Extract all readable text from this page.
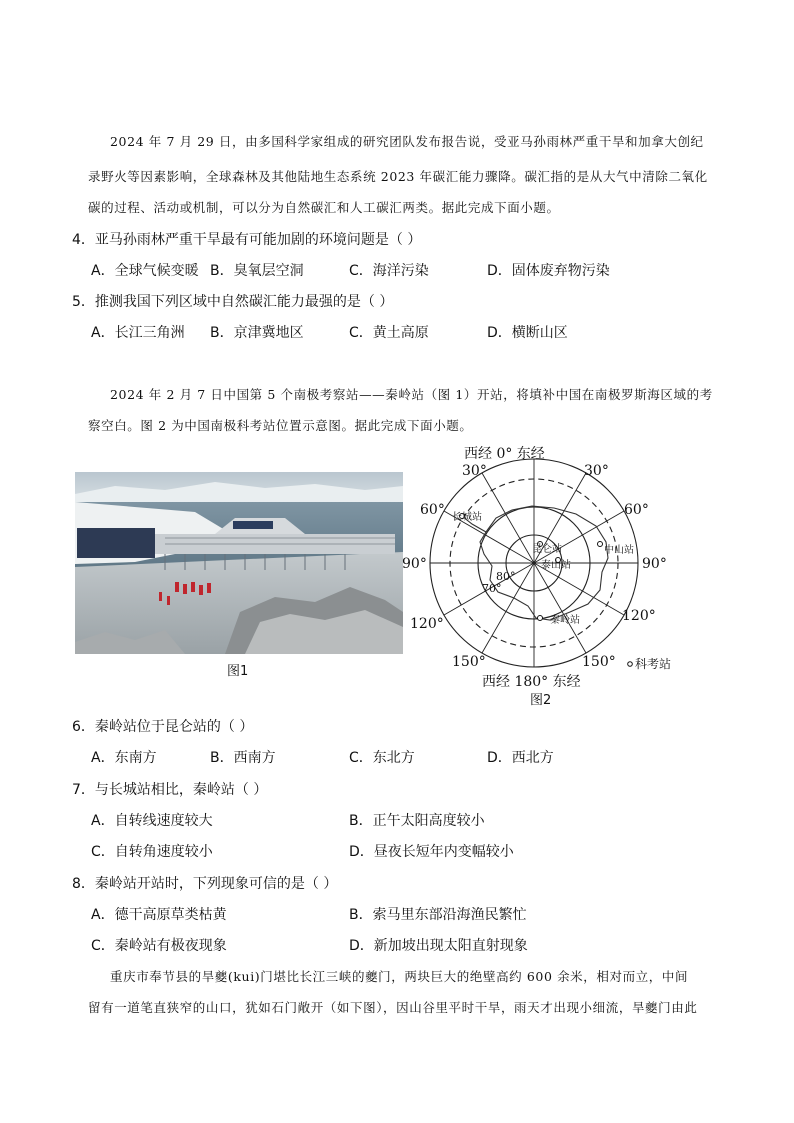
2024 年 7 月 29 日，由多国科学家组成的研究团队发布报告说，受亚马孙雨林严重干旱和加拿大创纪
录野火等因素影响，全球森林及其他陆地生态系统 2023 年碳汇能力骤降。碳汇指的是从大气中清除二氧化
碳的过程、活动或机制，可以分为自然碳汇和人工碳汇两类。据此完成下面小题。
4．亚马孙雨林严重干旱最有可能加剧的环境问题是（ ）
A．全球气候变暖 B．臭氧层空洞	C．海洋污染	D．固体废弃物污染
5．推测我国下列区域中自然碳汇能力最强的是（ ）
A．长江三角洲 B．京津冀地区	C．黄土高原	D．横断山区
2024 年 2 月 7 日中国第 5 个南极考察站——秦岭站（图 1）开站，将填补中国在南极罗斯海区域的考
察空白。图 2 为中国南极科考站位置示意图。据此完成下面小题。
图1
西经 0° 东经
30°	30°
60°	60°
90°	90°
120°	120°
150°	150°
西经 180° 东经
80°
70°
长城站
昆仑站	中山站
泰山站
秦岭站
科考站
图2
6．秦岭站位于昆仑站的（ ）
A．东南方	B．西南方	C．东北方	D．西北方
7．与长城站相比，秦岭站（ ）
A．自转线速度较大	B．正午太阳高度较小
C．自转角速度较小	D．昼夜长短年内变幅较小
8．秦岭站开站时，下列现象可信的是（ ）
A．德干高原草类枯黄	B．索马里东部沿海渔民繁忙
C．秦岭站有极夜现象	D．新加坡出现太阳直射现象
重庆市奉节县的旱夔(kui)门堪比长江三峡的夔门，两块巨大的绝壁高约 600 余米，相对而立，中间
留有一道笔直狭窄的山口，犹如石门敞开（如下图），因山谷里平时干旱，雨天才出现小细流，旱夔门由此
